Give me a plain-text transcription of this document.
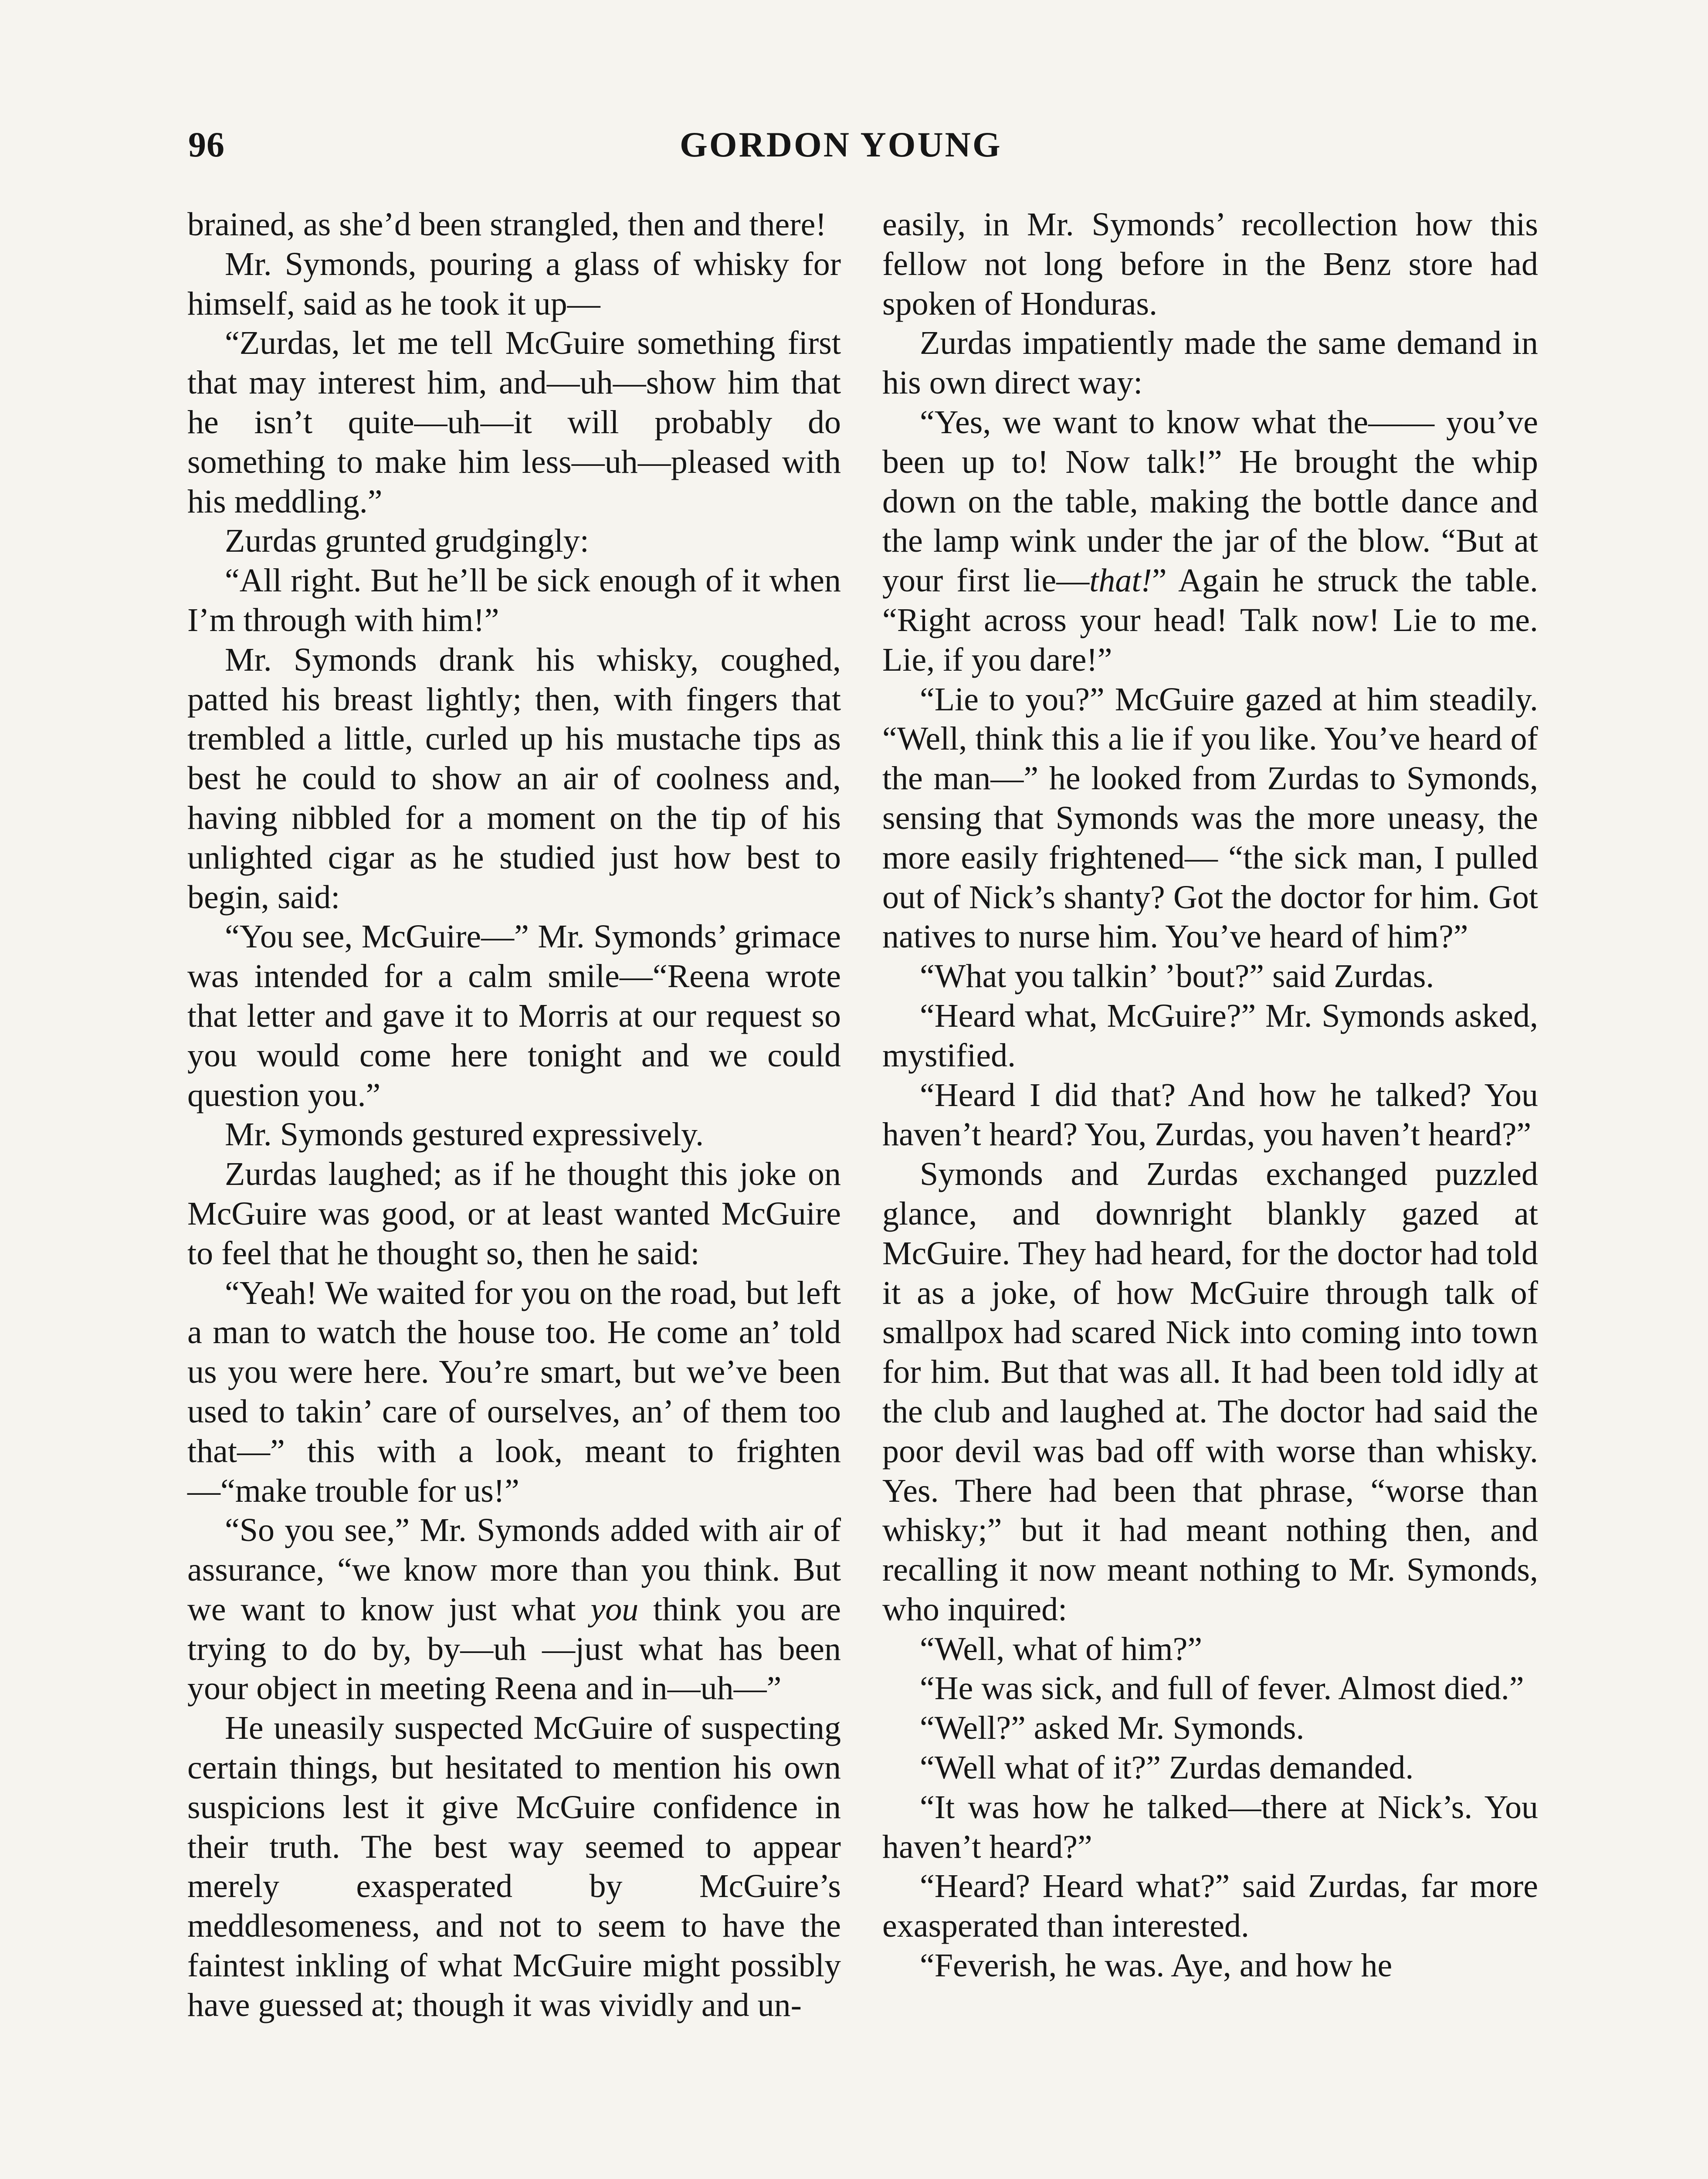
96	GORDON YOUNG

brained, as she’d been strangled, then and there!

Mr. Symonds, pouring a glass of whisky for himself, said as he took it up—

“Zurdas, let me tell McGuire something first that may interest him, and—uh—show him that he isn’t quite—uh—it will probably do something to make him less—uh—pleased with his meddling.”

Zurdas grunted grudgingly:

“All right. But he’ll be sick enough of it when I’m through with him!”

Mr. Symonds drank his whisky, coughed, patted his breast lightly; then, with fingers that trembled a little, curled up his mustache tips as best he could to show an air of coolness and, having nibbled for a moment on the tip of his unlighted cigar as he studied just how best to begin, said:

“You see, McGuire—” Mr. Symonds’ grimace was intended for a calm smile—“Reena wrote that letter and gave it to Morris at our request so you would come here tonight and we could question you.”

Mr. Symonds gestured expressively.

Zurdas laughed; as if he thought this joke on McGuire was good, or at least wanted McGuire to feel that he thought so, then he said:

“Yeah! We waited for you on the road, but left a man to watch the house too. He come an’ told us you were here. You’re smart, but we’ve been used to takin’ care of ourselves, an’ of them too that—” this with a look, meant to frighten—“make trouble for us!”

“So you see,” Mr. Symonds added with air of assurance, “we know more than you think. But we want to know just what you think you are trying to do by, by—uh —just what has been your object in meeting Reena and in—uh—”

He uneasily suspected McGuire of suspecting certain things, but hesitated to mention his own suspicions lest it give McGuire confidence in their truth. The best way seemed to appear merely exasperated by McGuire’s meddlesomeness, and not to seem to have the faintest inkling of what McGuire might possibly have guessed at; though it was vividly and un-

easily, in Mr. Symonds’ recollection how this fellow not long before in the Benz store had spoken of Honduras.

Zurdas impatiently made the same demand in his own direct way:

“Yes, we want to know what the—— you’ve been up to! Now talk!” He brought the whip down on the table, making the bottle dance and the lamp wink under the jar of the blow. “But at your first lie—that!” Again he struck the table. “Right across your head! Talk now! Lie to me. Lie, if you dare!”

“Lie to you?” McGuire gazed at him steadily. “Well, think this a lie if you like. You’ve heard of the man—” he looked from Zurdas to Symonds, sensing that Symonds was the more uneasy, the more easily frightened— “the sick man, I pulled out of Nick’s shanty? Got the doctor for him. Got natives to nurse him. You’ve heard of him?”

“What you talkin’ ’bout?” said Zurdas.

“Heard what, McGuire?” Mr. Symonds asked, mystified.

“Heard I did that? And how he talked? You haven’t heard? You, Zurdas, you haven’t heard?”

Symonds and Zurdas exchanged puzzled glance, and downright blankly gazed at McGuire. They had heard, for the doctor had told it as a joke, of how McGuire through talk of smallpox had scared Nick into coming into town for him. But that was all. It had been told idly at the club and laughed at. The doctor had said the poor devil was bad off with worse than whisky. Yes. There had been that phrase, “worse than whisky;” but it had meant nothing then, and recalling it now meant nothing to Mr. Symonds, who inquired:

“Well, what of him?”

“He was sick, and full of fever. Almost died.”

“Well?” asked Mr. Symonds.

“Well what of it?” Zurdas demanded.

“It was how he talked—there at Nick’s. You haven’t heard?”

“Heard? Heard what?” said Zurdas, far more exasperated than interested.

“Feverish, he was. Aye, and how he
